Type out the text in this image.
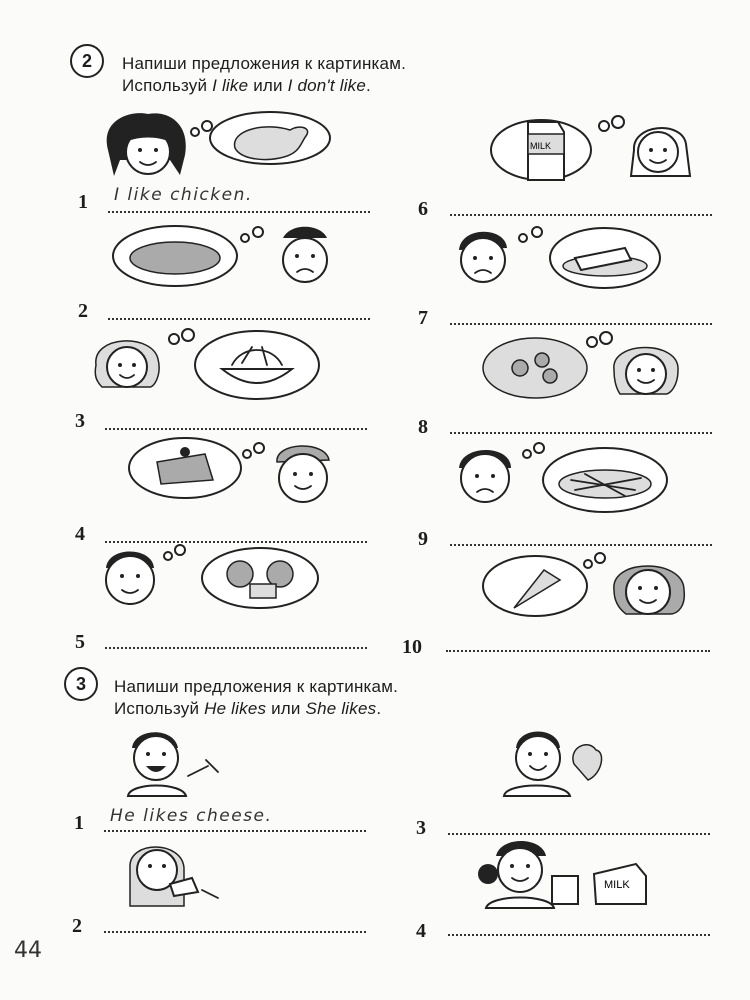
2	Напиши предложения к картинкам.
Используй I like или I don't like.
MILK
1 I like chicken.
6
2	7
3	8
4	9
5	10
3	Напиши предложения к картинкам.
Используй He likes или She likes.
MILK
1 He likes cheese.
3
2	4
44
